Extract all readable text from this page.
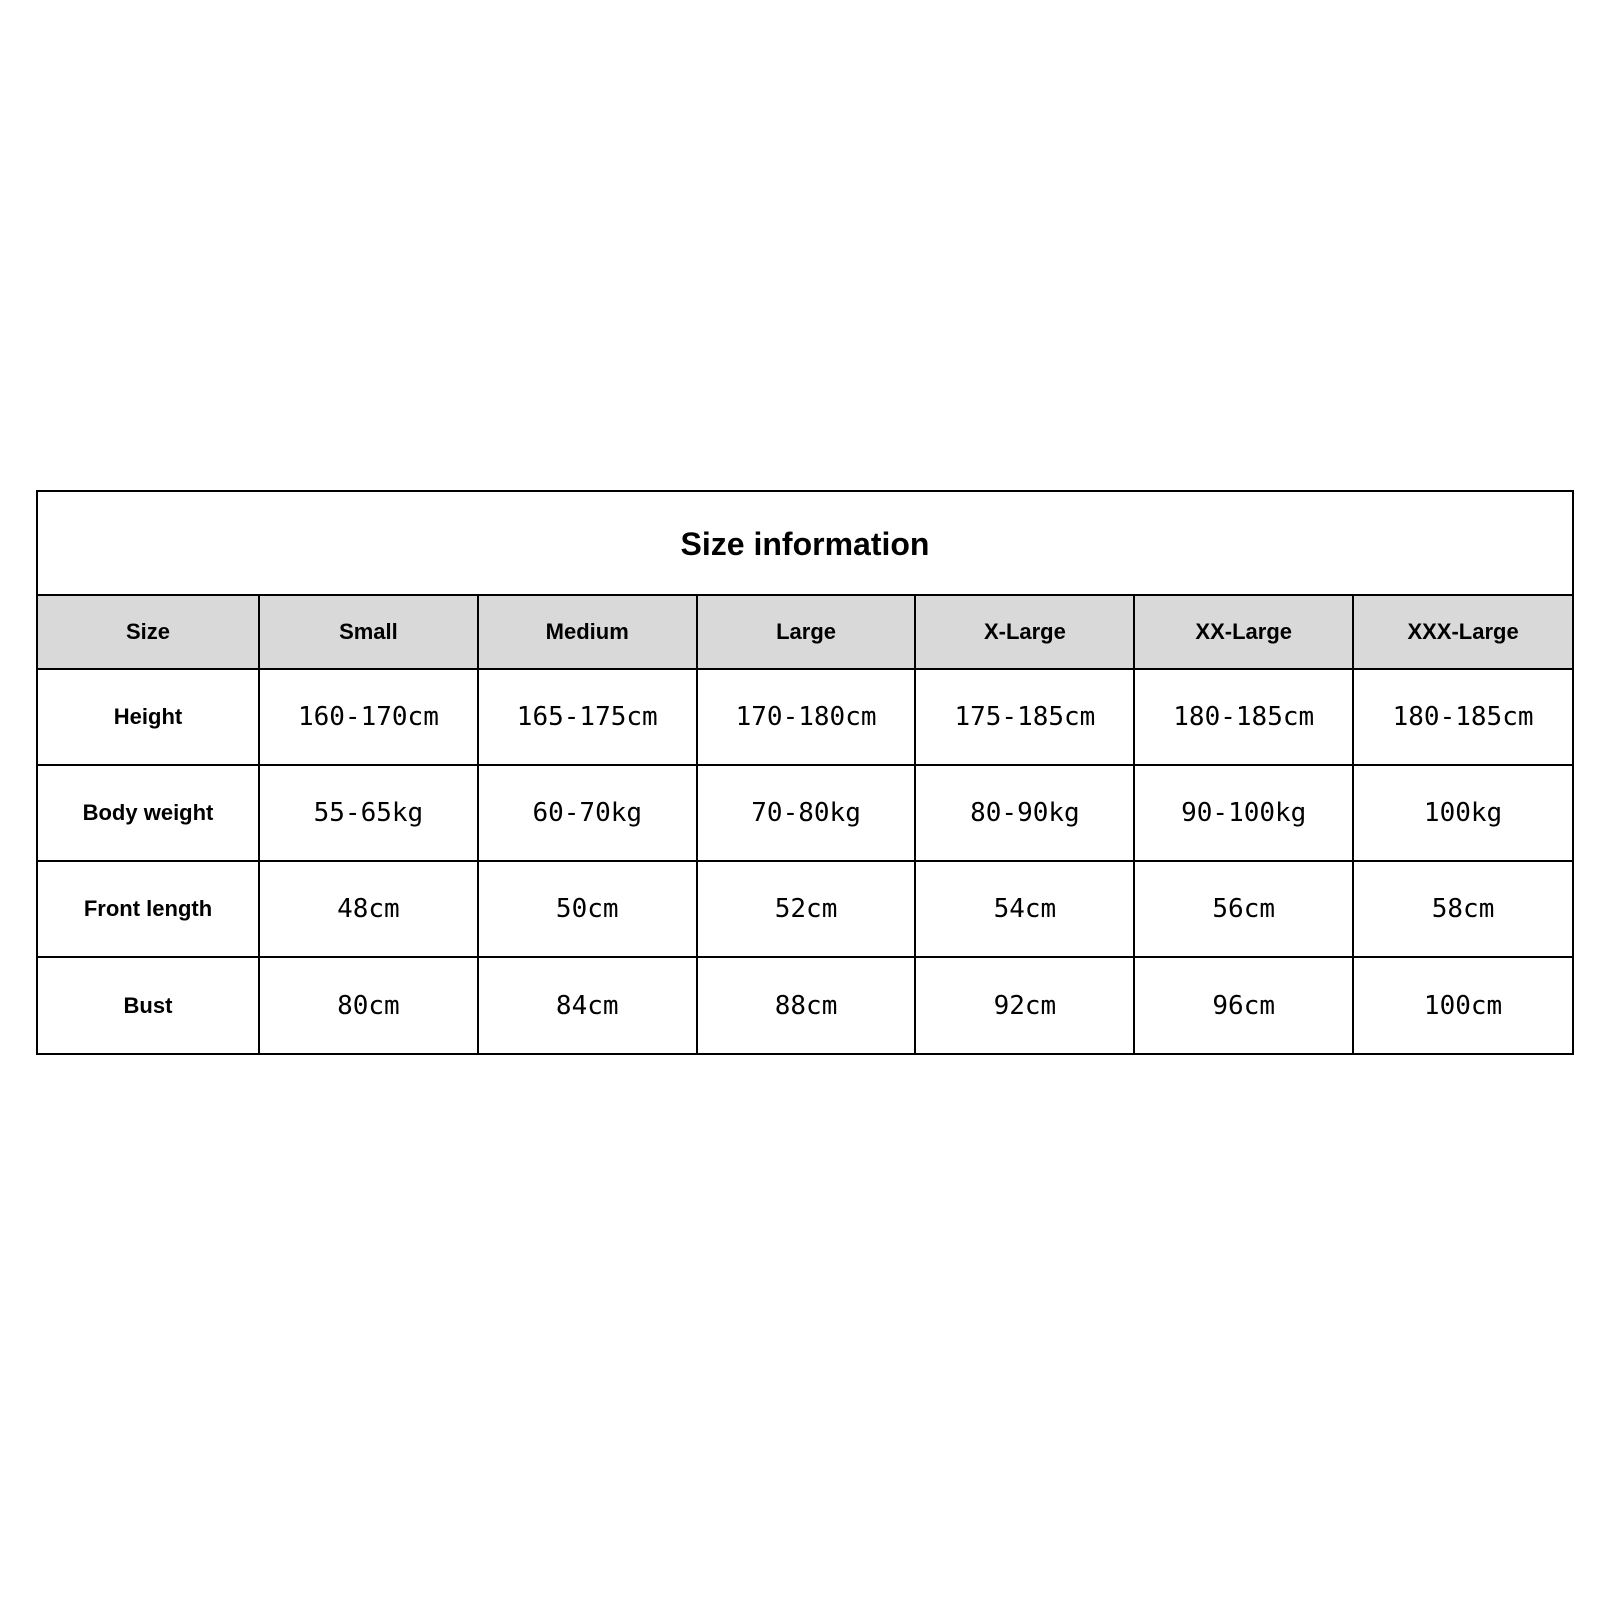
Size information
Size	Small	Medium	Large	X-Large	XX-Large	XXX-Large
Height	160-170cm	165-175cm	170-180cm	175-185cm	180-185cm	180-185cm
Body weight	55-65kg	60-70kg	70-80kg	80-90kg	90-100kg	100kg
Front length	48cm	50cm	52cm	54cm	56cm	58cm
Bust	80cm	84cm	88cm	92cm	96cm	100cm
